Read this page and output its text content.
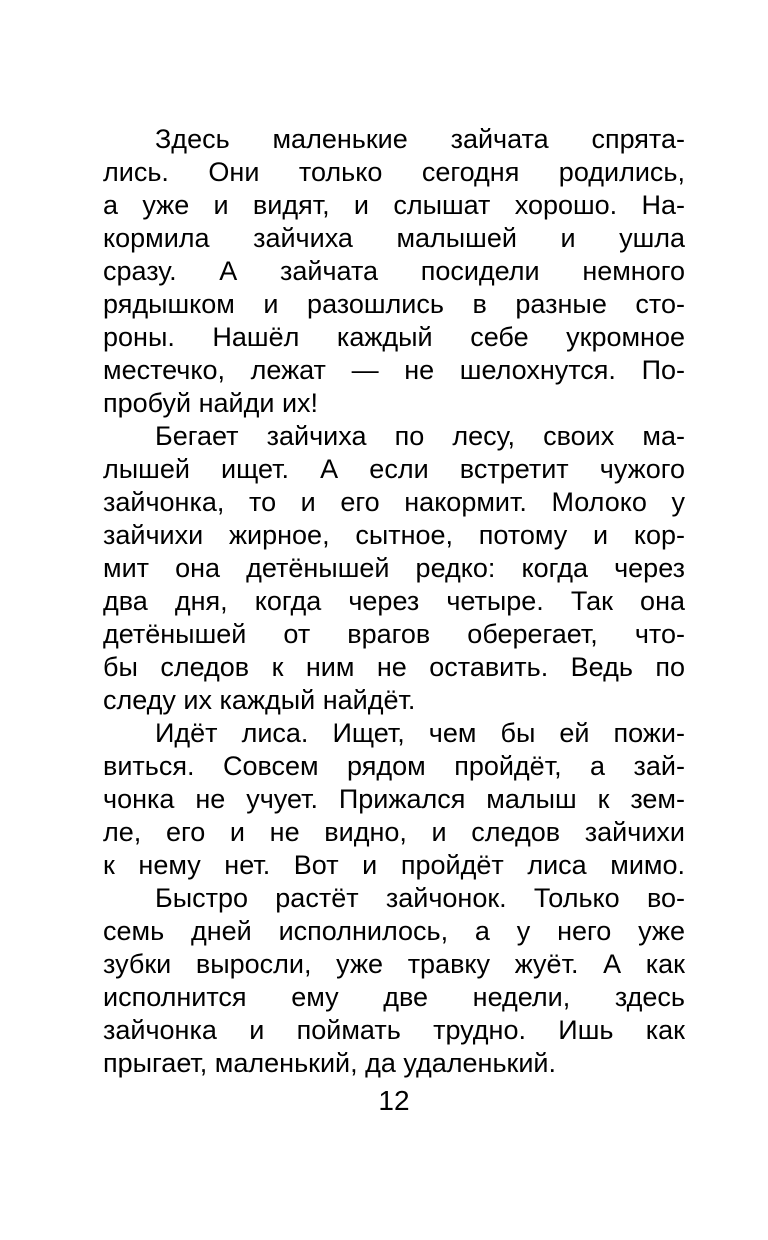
Здесь маленькие зайчата спрята-
лись. Они только сегодня родились,
а уже и видят, и слышат хорошо. На-
кормила зайчиха малышей и ушла
сразу. А зайчата посидели немного
рядышком и разошлись в разные сто-
роны. Нашёл каждый себе укромное
местечко, лежат — не шелохнутся. По-
пробуй найди их!
Бегает зайчиха по лесу, своих ма-
лышей ищет. А если встретит чужого
зайчонка, то и его накормит. Молоко у
зайчихи жирное, сытное, потому и кор-
мит она детёнышей редко: когда через
два дня, когда через четыре. Так она
детёнышей от врагов оберегает, что-
бы следов к ним не оставить. Ведь по
следу их каждый найдёт.
Идёт лиса. Ищет, чем бы ей пожи-
виться. Совсем рядом пройдёт, а зай-
чонка не учует. Прижался малыш к зем-
ле, его и не видно, и следов зайчихи
к нему нет. Вот и пройдёт лиса мимо.
Быстро растёт зайчонок. Только во-
семь дней исполнилось, а у него уже
зубки выросли, уже травку жуёт. А как
исполнится ему две недели, здесь
зайчонка и поймать трудно. Ишь как
прыгает, маленький, да удаленький.
12
